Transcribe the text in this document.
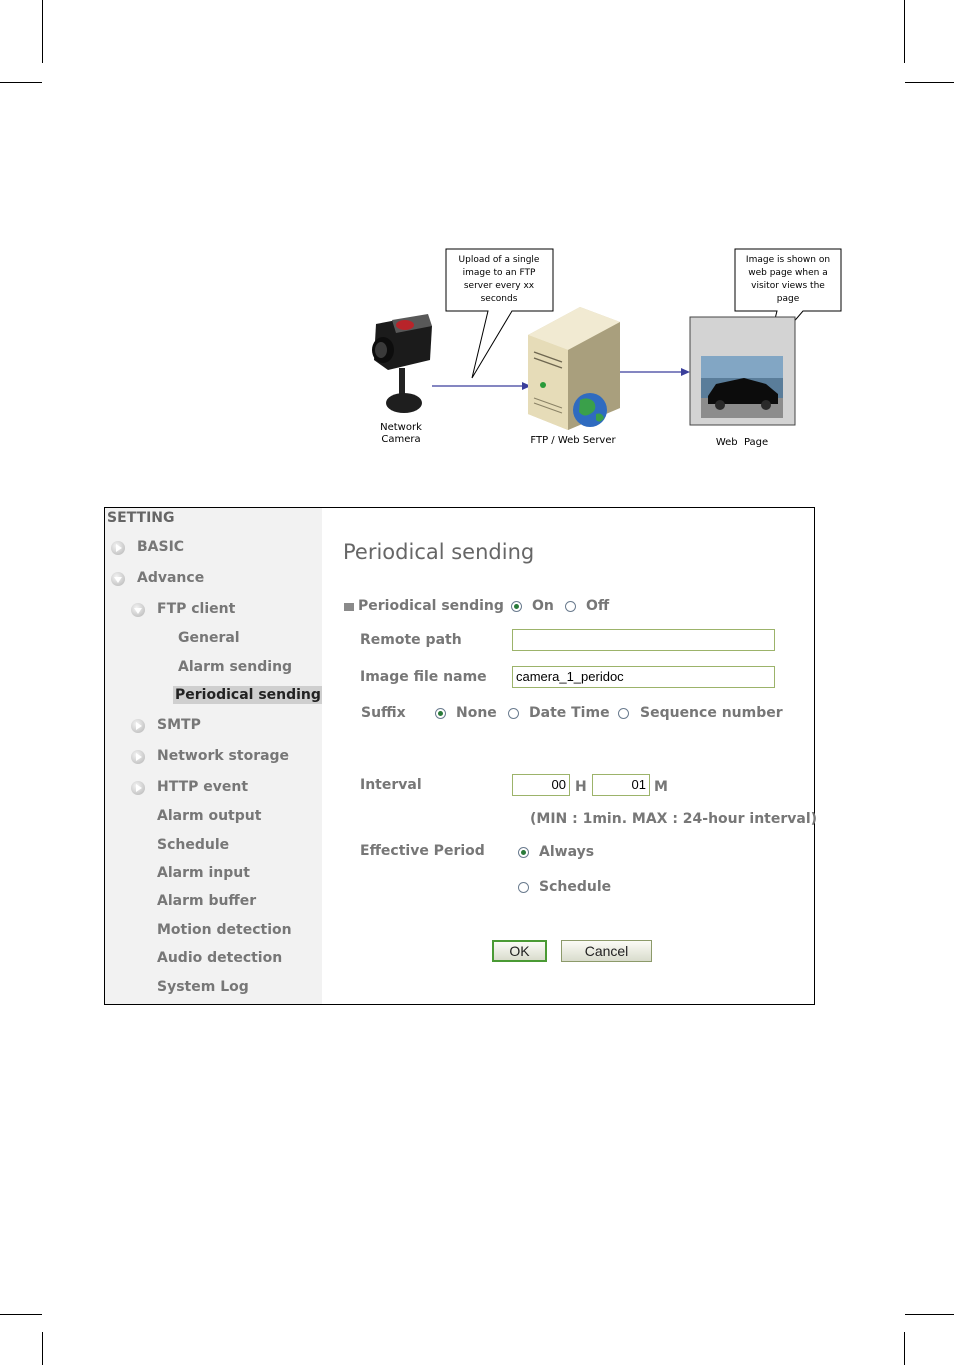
Upload of a single
image to an FTP
server every xx
seconds
Image is shown on
web page when a
visitor views the
page
Network
Camera	FTP / Web Server	Web  Page
SETTING
BASIC
Advance
FTP client
General
Alarm sending
Periodical sending
SMTP
Network storage
HTTP event
Alarm output
Schedule
Alarm input
Alarm buffer
Motion detection
Audio detection
System Log
Periodical sending
Periodical sending On Off
Remote path
Image file name	camera_1_peridoc
Suffix	None Date Time Sequence number
Interval	00 H	01 M
(MIN : 1min. MAX : 24-hour interval)
Effective Period	Always
Schedule
OK	Cancel
